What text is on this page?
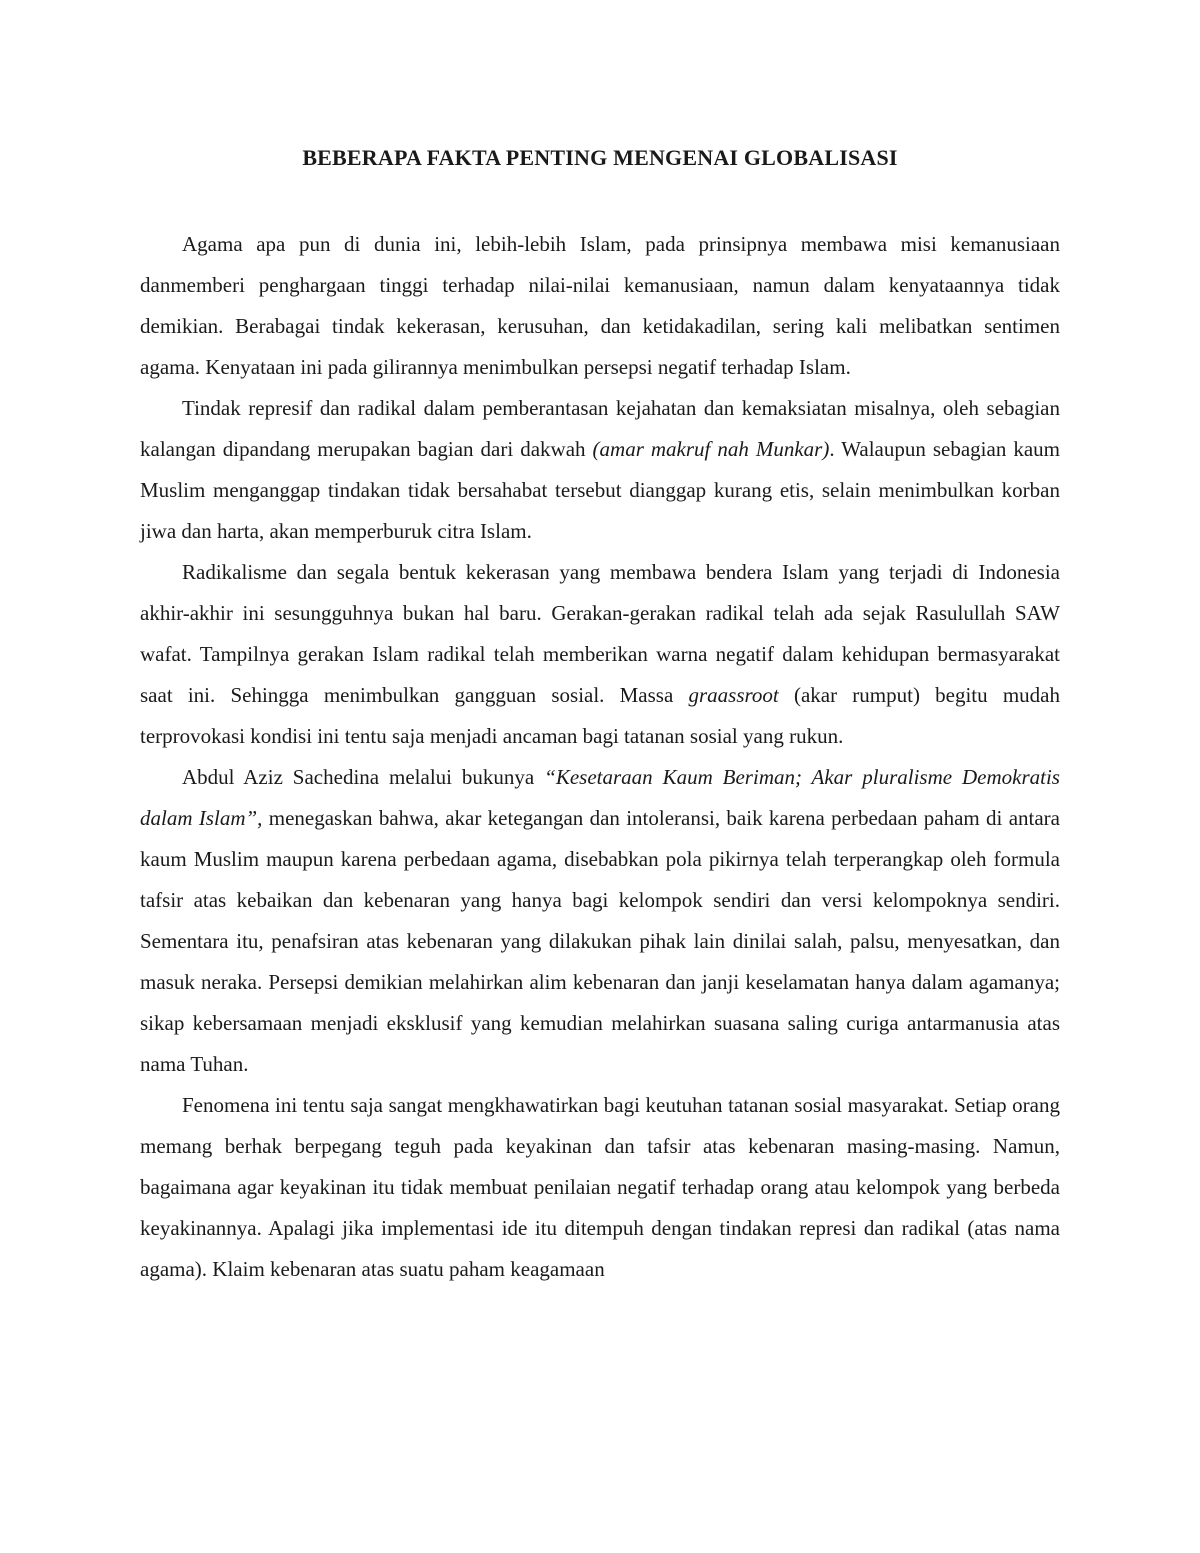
BEBERAPA FAKTA PENTING MENGENAI GLOBALISASI

Agama apa pun di dunia ini, lebih-lebih Islam, pada prinsipnya membawa misi kemanusiaan danmemberi penghargaan tinggi terhadap nilai-nilai kemanusiaan, namun dalam kenyataannya tidak demikian. Berabagai tindak kekerasan, kerusuhan, dan ketidakadilan, sering kali melibatkan sentimen agama. Kenyataan ini pada gilirannya menimbulkan persepsi negatif terhadap Islam.

Tindak represif dan radikal dalam pemberantasan kejahatan dan kemaksiatan misalnya, oleh sebagian kalangan dipandang merupakan bagian dari dakwah (amar makruf nah Munkar). Walaupun sebagian kaum Muslim menganggap tindakan tidak bersahabat tersebut dianggap kurang etis, selain menimbulkan korban jiwa dan harta, akan memperburuk citra Islam.

Radikalisme dan segala bentuk kekerasan yang membawa bendera Islam yang terjadi di Indonesia akhir-akhir ini sesungguhnya bukan hal baru. Gerakan-gerakan radikal telah ada sejak Rasulullah SAW wafat. Tampilnya gerakan Islam radikal telah memberikan warna negatif dalam kehidupan bermasyarakat saat ini. Sehingga menimbulkan gangguan sosial. Massa graassroot (akar rumput) begitu mudah terprovokasi kondisi ini tentu saja menjadi ancaman bagi tatanan sosial yang rukun.

Abdul Aziz Sachedina melalui bukunya “Kesetaraan Kaum Beriman; Akar pluralisme Demokratis dalam Islam”, menegaskan bahwa, akar ketegangan dan intoleransi, baik karena perbedaan paham di antara kaum Muslim maupun karena perbedaan agama, disebabkan pola pikirnya telah terperangkap oleh formula tafsir atas kebaikan dan kebenaran yang hanya bagi kelompok sendiri dan versi kelompoknya sendiri. Sementara itu, penafsiran atas kebenaran yang dilakukan pihak lain dinilai salah, palsu, menyesatkan, dan masuk neraka. Persepsi demikian melahirkan alim kebenaran dan janji keselamatan hanya dalam agamanya; sikap kebersamaan menjadi eksklusif yang kemudian melahirkan suasana saling curiga antarmanusia atas nama Tuhan.

Fenomena ini tentu saja sangat mengkhawatirkan bagi keutuhan tatanan sosial masyarakat. Setiap orang memang berhak berpegang teguh pada keyakinan dan tafsir atas kebenaran masing-masing. Namun, bagaimana agar keyakinan itu tidak membuat penilaian negatif terhadap orang atau kelompok yang berbeda keyakinannya. Apalagi jika implementasi ide itu ditempuh dengan tindakan represi dan radikal (atas nama agama). Klaim kebenaran atas suatu paham keagamaan
